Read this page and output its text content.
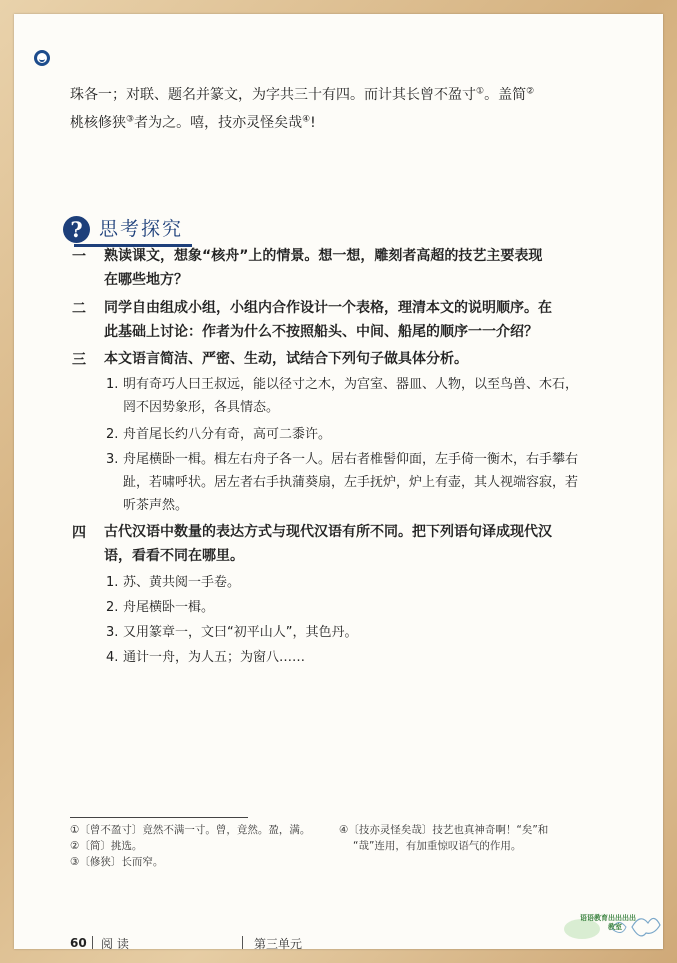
珠各一；对联、题名并篆文，为字共三十有四。而计其长曾不盈寸①。盖简②
桃核修狭③者为之。嘻，技亦灵怪矣哉④!
? 思考探究
一 熟读课文，想象“核舟”上的情景。想一想，雕刻者高超的技艺主要表现
在哪些地方？
二 同学自由组成小组，小组内合作设计一个表格，理清本文的说明顺序。在
此基础上讨论：作者为什么不按照船头、中间、船尾的顺序一一介绍？
三 本文语言简洁、严密、生动，试结合下列句子做具体分析。
1. 明有奇巧人曰王叔远，能以径寸之木，为宫室、器皿、人物，以至鸟兽、木石，
罔不因势象形，各具情态。
2. 舟首尾长约八分有奇，高可二黍许。
3. 舟尾横卧一楫。楫左右舟子各一人。居右者椎髻仰面，左手倚一衡木，右手攀右
趾，若啸呼状。居左者右手执蒲葵扇，左手抚炉，炉上有壶，其人视端容寂，若
听茶声然。
四 古代汉语中数量的表达方式与现代汉语有所不同。把下列语句译成现代汉
语，看看不同在哪里。
1. 苏、黄共阅一手卷。
2. 舟尾横卧一楫。
3. 又用篆章一，文曰“初平山人”，其色丹。
4. 通计一舟，为人五；为窗八……
①〔曾不盈寸〕竟然不满一寸。曾，竟然。盈，满。
②〔简〕挑选。
③〔修狭〕长而窄。
④〔技亦灵怪矣哉〕技艺也真神奇啊！“矣”和
“哉”连用，有加重惊叹语气的作用。
60 阅 读	第三单元
语语教育出出出出
教室
